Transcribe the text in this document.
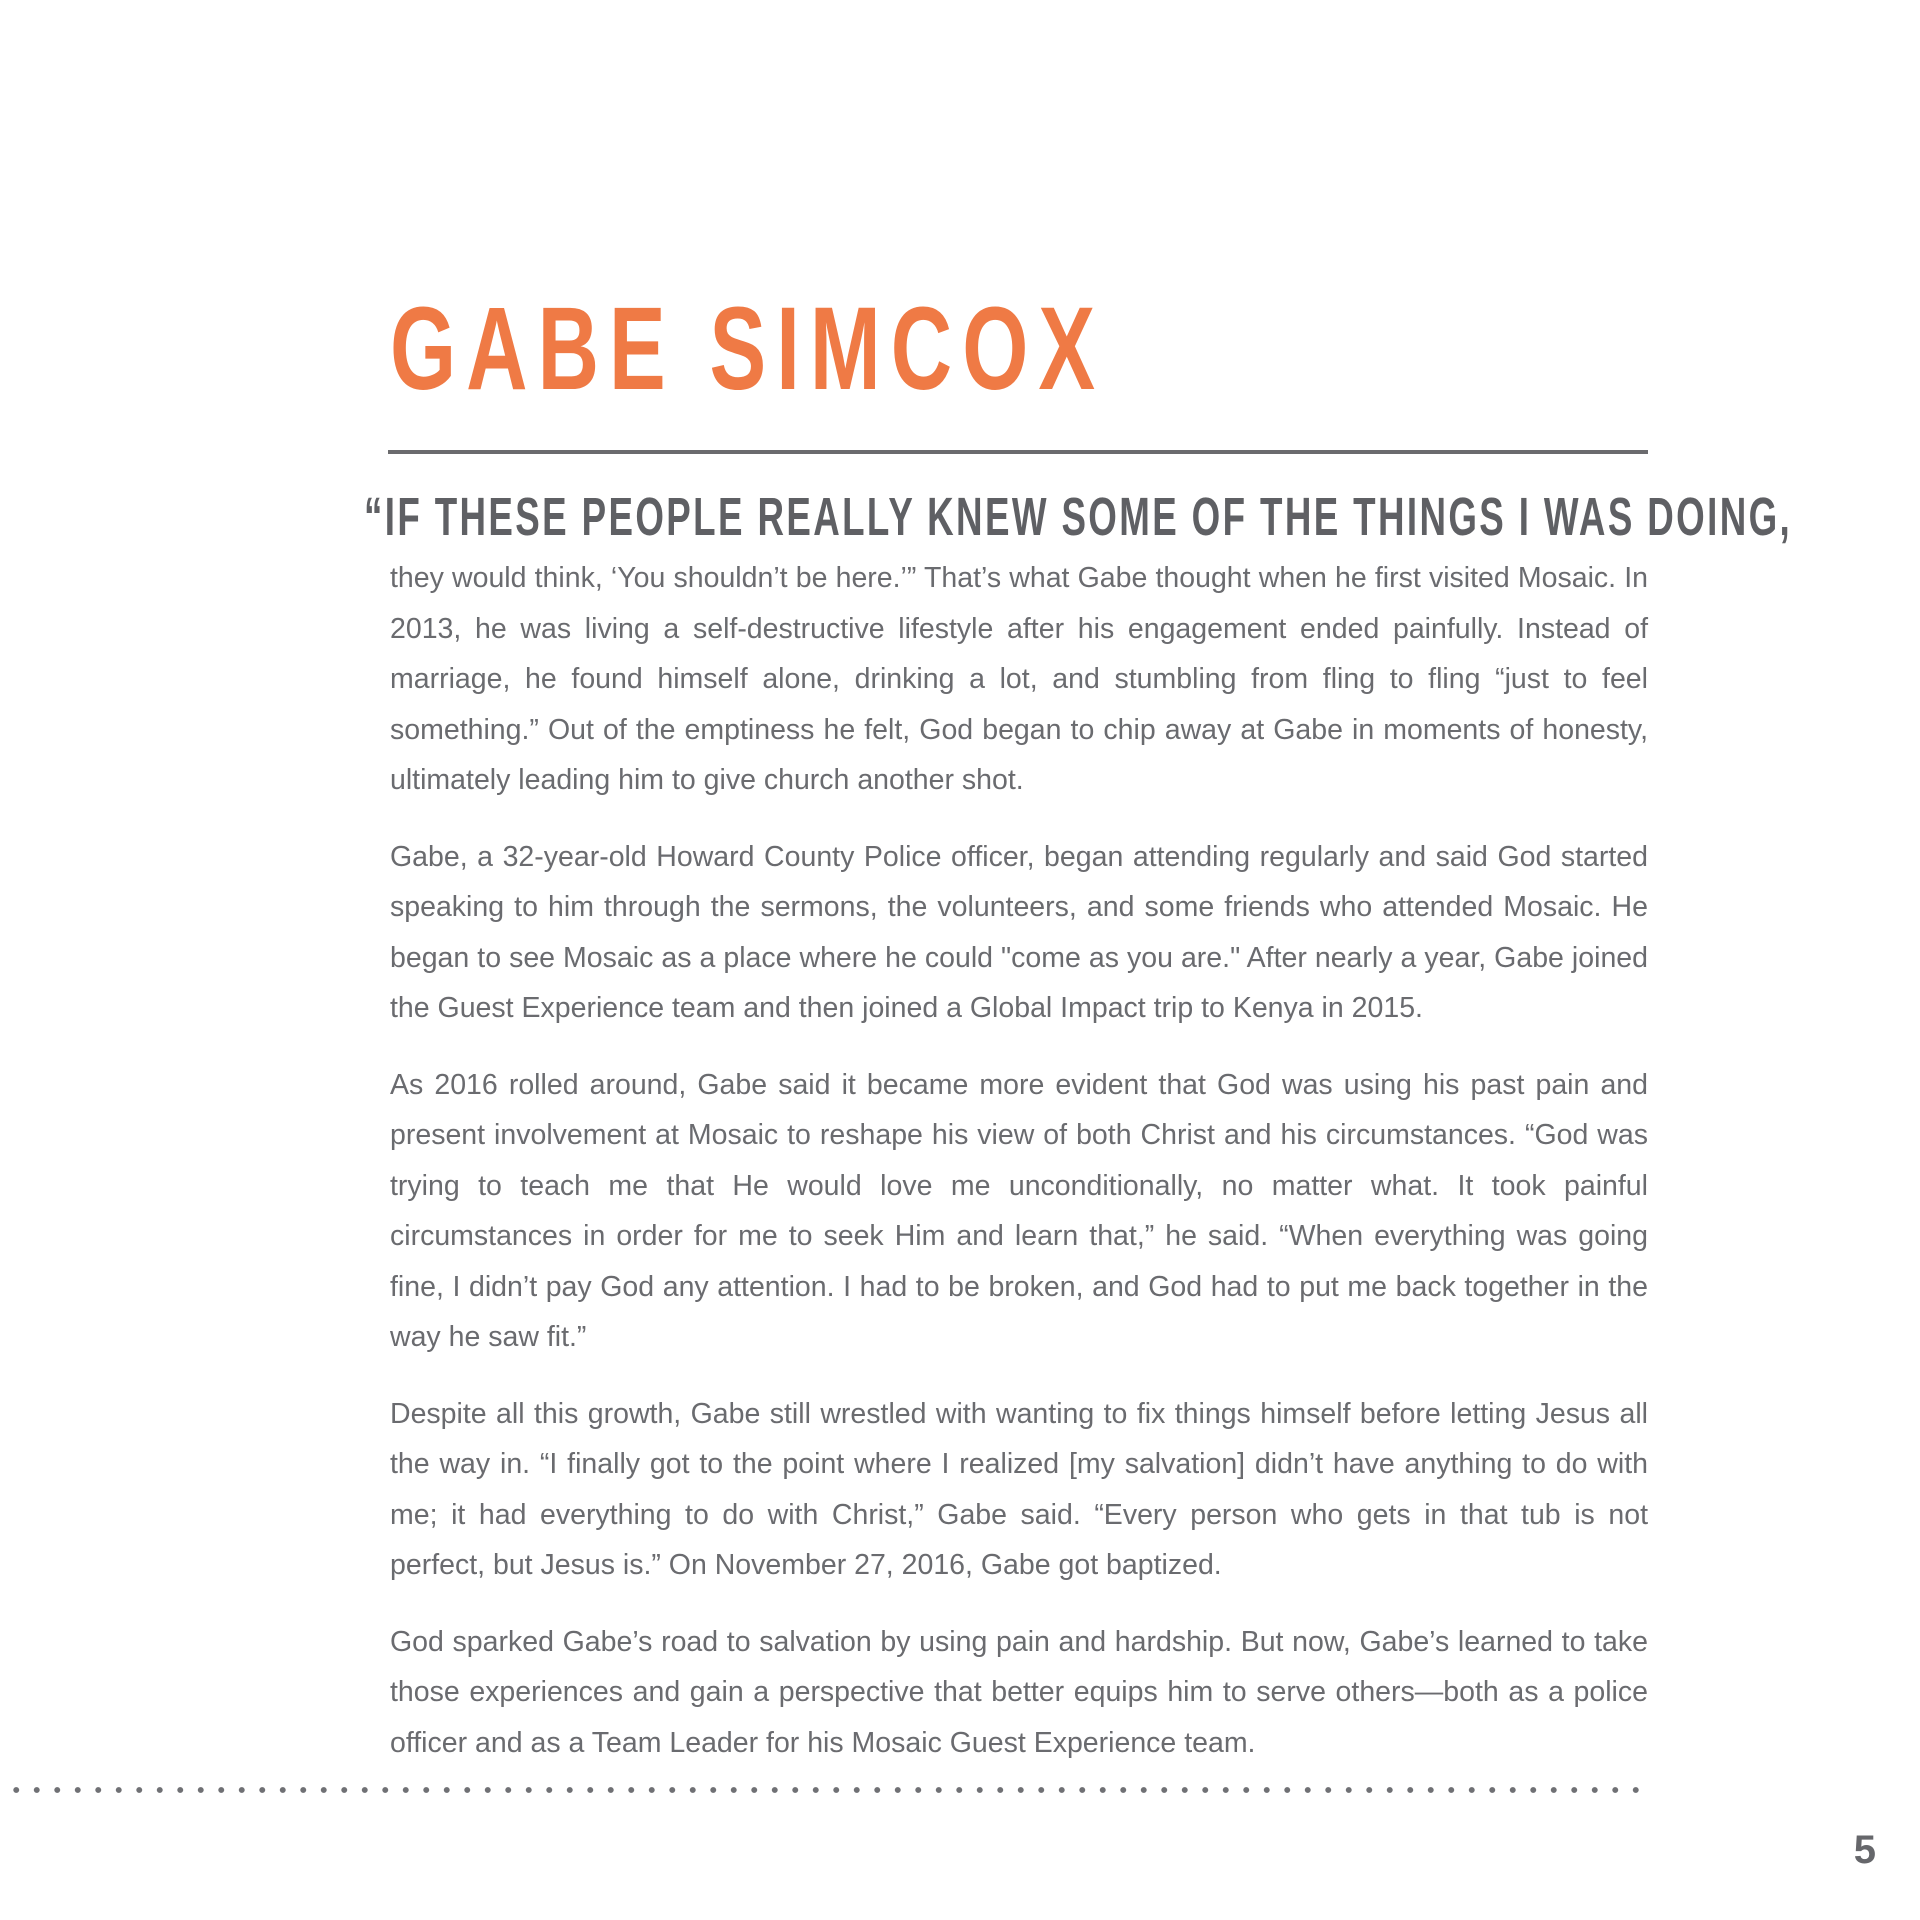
GABE SIMCOX
“IF THESE PEOPLE REALLY KNEW SOME OF THE THINGS I WAS DOING,

they would think, ‘You shouldn’t be here.’” That’s what Gabe thought when he first visited Mosaic. In 2013, he was living a self-destructive lifestyle after his engagement ended painfully. Instead of marriage, he found himself alone, drinking a lot, and stumbling from fling to fling “just to feel something.” Out of the emptiness he felt, God began to chip away at Gabe in moments of honesty, ultimately leading him to give church another shot.

Gabe, a 32-year-old Howard County Police officer, began attending regularly and said God started speaking to him through the sermons, the volunteers, and some friends who attended Mosaic. He began to see Mosaic as a place where he could "come as you are." After nearly a year, Gabe joined the Guest Experience team and then joined a Global Impact trip to Kenya in 2015.

As 2016 rolled around, Gabe said it became more evident that God was using his past pain and present involvement at Mosaic to reshape his view of both Christ and his circumstances. “God was trying to teach me that He would love me unconditionally, no matter what. It took painful circumstances in order for me to seek Him and learn that,” he said. “When everything was going fine, I didn’t pay God any attention. I had to be broken, and God had to put me back together in the way he saw fit.”

Despite all this growth, Gabe still wrestled with wanting to fix things himself before letting Jesus all the way in. “I finally got to the point where I realized [my salvation] didn’t have anything to do with me; it had everything to do with Christ,” Gabe said. “Every person who gets in that tub is not perfect, but Jesus is.” On November 27, 2016, Gabe got baptized.

God sparked Gabe’s road to salvation by using pain and hardship. But now, Gabe’s learned to take those experiences and gain a perspective that better equips him to serve others—both as a police officer and as a Team Leader for his Mosaic Guest Experience team.

5
